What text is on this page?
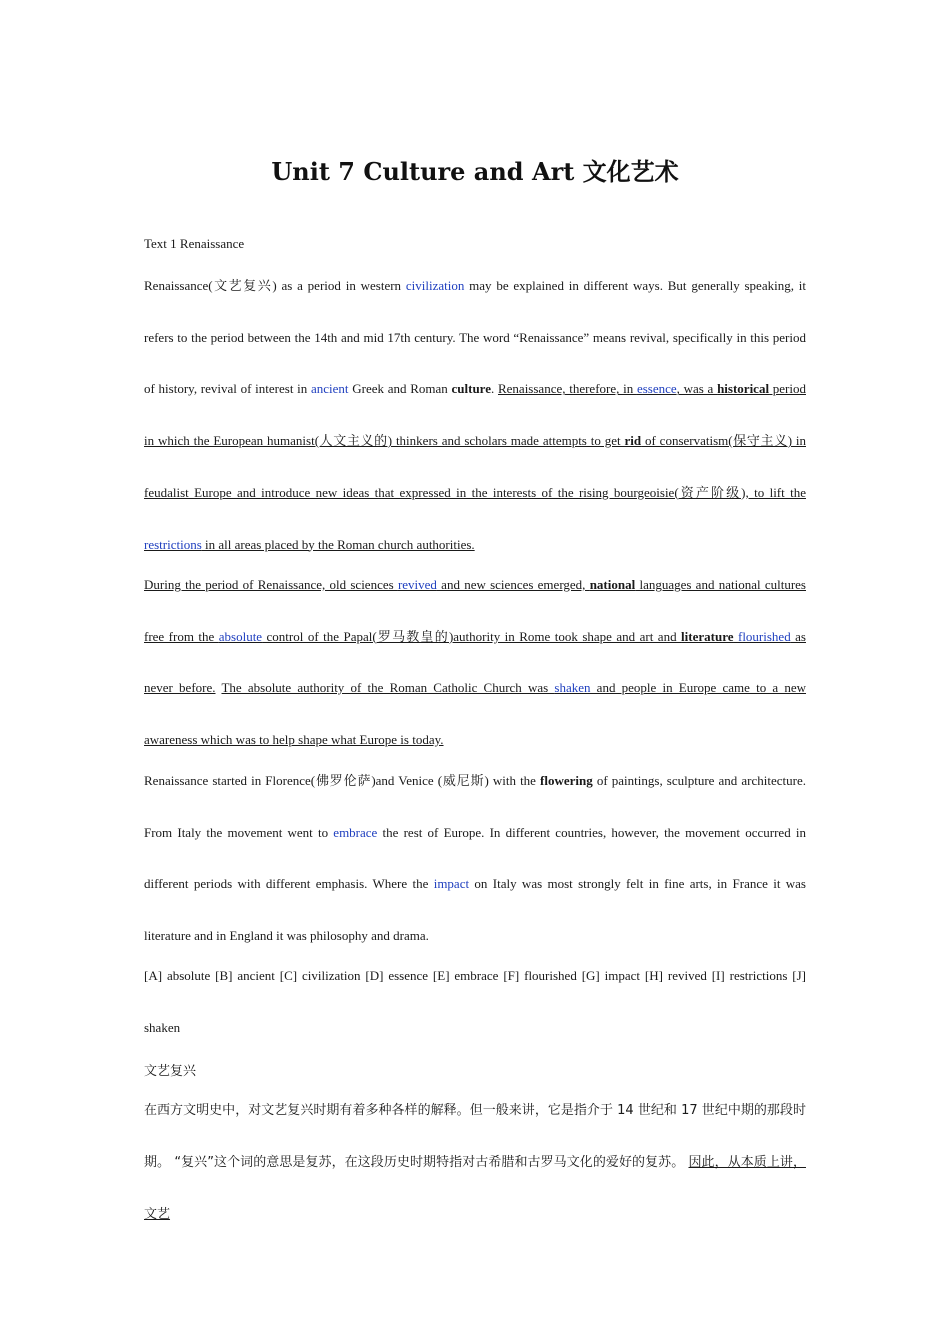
Unit 7 Culture and Art 文化艺术

Text 1 Renaissance

Renaissance(文艺复兴) as a period in western civilization may be explained in different ways. But generally speaking, it refers to the period between the 14th and mid 17th century. The word “Renaissance” means revival, specifically in this period of history, revival of interest in ancient Greek and Roman culture. Renaissance, therefore, in essence, was a historical period in which the European humanist(人文主义的) thinkers and scholars made attempts to get rid of conservatism(保守主义) in feudalist Europe and introduce new ideas that expressed in the interests of the rising bourgeoisie(资产阶级), to lift the restrictions in all areas placed by the Roman church authorities.

During the period of Renaissance, old sciences revived and new sciences emerged, national languages and national cultures free from the absolute control of the Papal(罗马教皇的)authority in Rome took shape and art and literature flourished as never before. The absolute authority of the Roman Catholic Church was shaken and people in Europe came to a new awareness which was to help shape what Europe is today.

Renaissance started in Florence(佛罗伦萨)and Venice (威尼斯) with the flowering of paintings, sculpture and architecture. From Italy the movement went to embrace the rest of Europe. In different countries, however, the movement occurred in different periods with different emphasis. Where the impact on Italy was most strongly felt in fine arts, in France it was literature and in England it was philosophy and drama.

[A] absolute [B] ancient [C] civilization [D] essence [E] embrace [F] flourished [G] impact [H] revived [I] restrictions [J] shaken

文艺复兴

在西方文明史中，对文艺复兴时期有着多种各样的解释。但一般来讲，它是指介于 14 世纪和 17 世纪中期的那段时期。 “复兴”这个词的意思是复苏，在这段历史时期特指对古希腊和古罗马文化的爱好的复苏。 因此，从本质上讲，文艺
